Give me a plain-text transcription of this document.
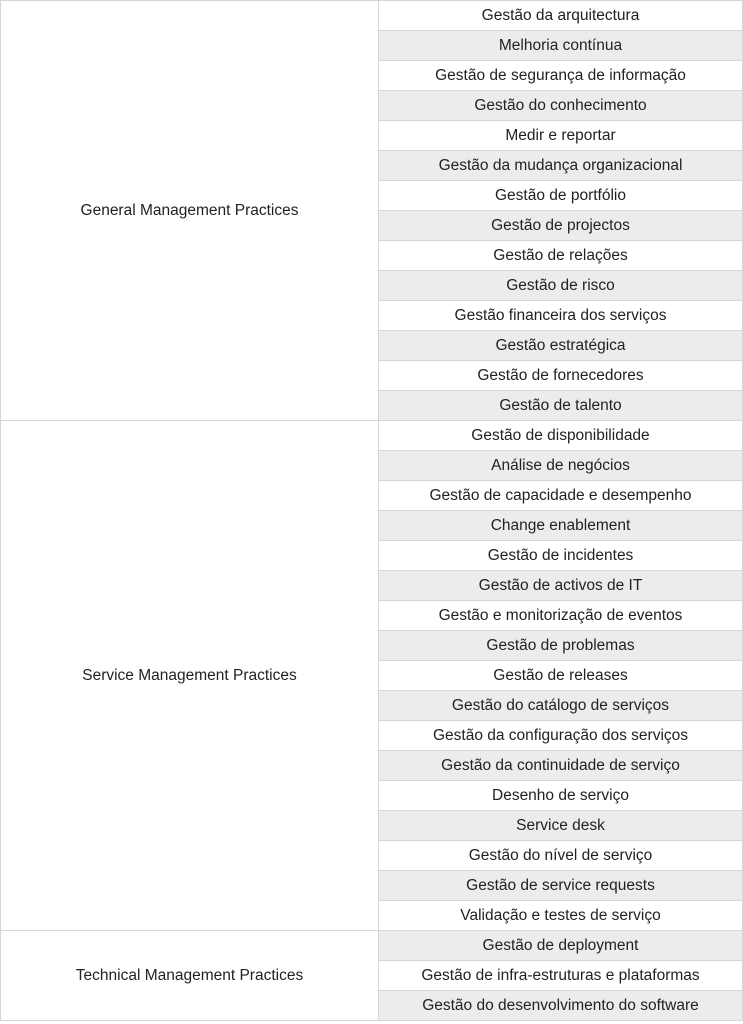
General Management Practices	Gestão da arquitectura
	Melhoria contínua
	Gestão de segurança de informação
	Gestão do conhecimento
	Medir e reportar
	Gestão da mudança organizacional
	Gestão de portfólio
	Gestão de projectos
	Gestão de relações
	Gestão de risco
	Gestão financeira dos serviços
	Gestão estratégica
	Gestão de fornecedores
	Gestão de talento
Service Management Practices	Gestão de disponibilidade
	Análise de negócios
	Gestão de capacidade e desempenho
	Change enablement
	Gestão de incidentes
	Gestão de activos de IT
	Gestão e monitorização de eventos
	Gestão de problemas
	Gestão de releases
	Gestão do catálogo de serviços
	Gestão da configuração dos serviços
	Gestão da continuidade de serviço
	Desenho de serviço
	Service desk
	Gestão do nível de serviço
	Gestão de service requests
	Validação e testes de serviço
Technical Management Practices	Gestão de deployment
	Gestão de infra-estruturas e plataformas
	Gestão do desenvolvimento do software
